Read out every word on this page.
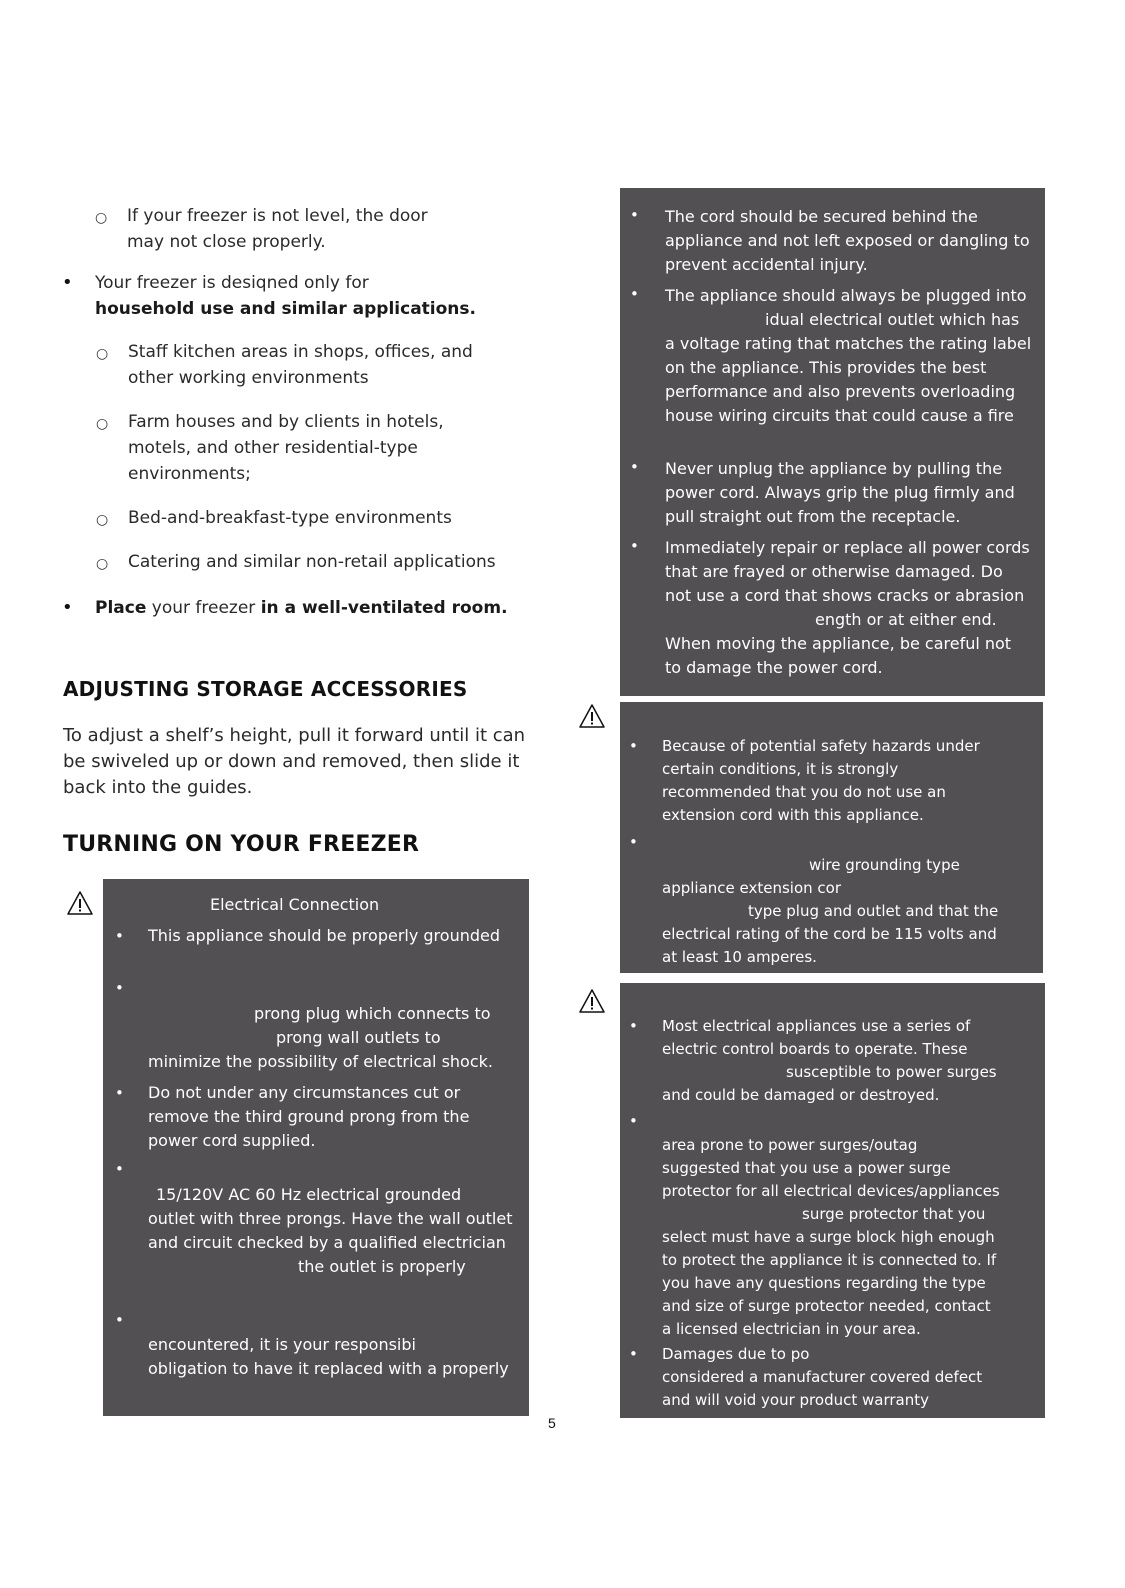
○ If your freezer is not level, the door
may not close properly.
• Your freezer is desiqned only for
household use and similar applications.
○ Staff kitchen areas in shops, offices, and
other working environments
○ Farm houses and by clients in hotels,
motels, and other residential-type
environments;
○ Bed-and-breakfast-type environments
○ Catering and similar non-retail applications
• Place your freezer in a well-ventilated room.
ADJUSTING STORAGE ACCESSORIES
To adjust a shelf’s height, pull it forward until it can
be swiveled up or down and removed, then slide it
back into the guides.
TURNING ON YOUR FREEZER
Electrical Connection
• This appliance should be properly grounded
•
prong plug which connects to
prong wall outlets to
minimize the possibility of electrical shock.
• Do not under any circumstances cut or
remove the third ground prong from the
power cord supplied.
•
15/120V AC 60 Hz electrical grounded
outlet with three prongs. Have the wall outlet
and circuit checked by a qualified electrician
the outlet is properly
•
encountered, it is your responsibi
obligation to have it replaced with a properly
• The cord should be secured behind the
appliance and not left exposed or dangling to
prevent accidental injury.
• The appliance should always be plugged into
idual electrical outlet which has
a voltage rating that matches the rating label
on the appliance. This provides the best
performance and also prevents overloading
house wiring circuits that could cause a fire
• Never unplug the appliance by pulling the
power cord. Always grip the plug firmly and
pull straight out from the receptacle.
• Immediately repair or replace all power cords
that are frayed or otherwise damaged. Do
not use a cord that shows cracks or abrasion
ength or at either end.
When moving the appliance, be careful not
to damage the power cord.
• Because of potential safety hazards under
certain conditions, it is strongly
recommended that you do not use an
extension cord with this appliance.
•
wire grounding type
appliance extension cor
type plug and outlet and that the
electrical rating of the cord be 115 volts and
at least 10 amperes.
• Most electrical appliances use a series of
electric control boards to operate. These
susceptible to power surges
and could be damaged or destroyed.
•
area prone to power surges/outag
suggested that you use a power surge
protector for all electrical devices/appliances
surge protector that you
select must have a surge block high enough
to protect the appliance it is connected to. If
you have any questions regarding the type
and size of surge protector needed, contact
a licensed electrician in your area.
• Damages due to po
considered a manufacturer covered defect
and will void your product warranty
5
